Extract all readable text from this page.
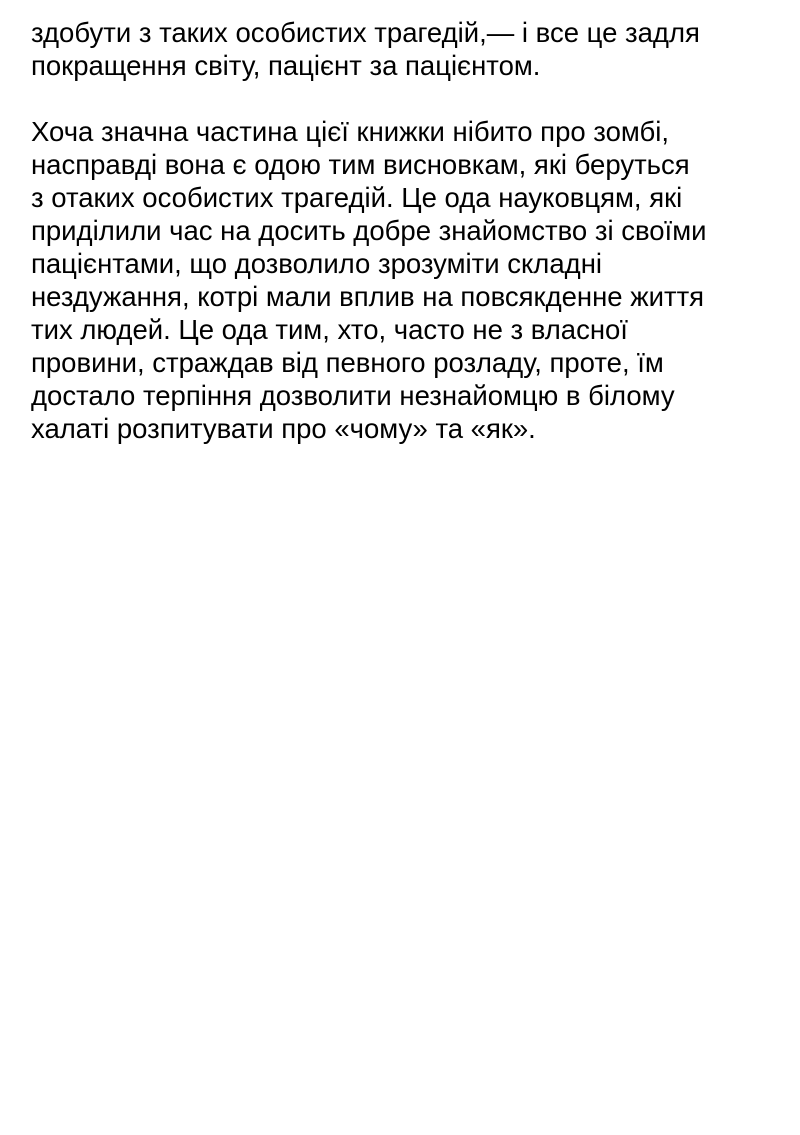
здобути з таких особистих трагедій,— і все це задля
покращення світу, пацієнт за пацієнтом.

Хоча значна частина цієї книжки нібито про зомбі,
насправді вона є одою тим висновкам, які беруться
з отаких особистих трагедій. Це ода науковцям, які
приділили час на досить добре знайомство зі своїми
пацієнтами, що дозволило зрозуміти складні
нездужання, котрі мали вплив на повсякденне життя
тих людей. Це ода тим, хто, часто не з власної
провини, страждав від певного розладу, проте, їм
достало терпіння дозволити незнайомцю в білому
халаті розпитувати про «чому» та «як».
